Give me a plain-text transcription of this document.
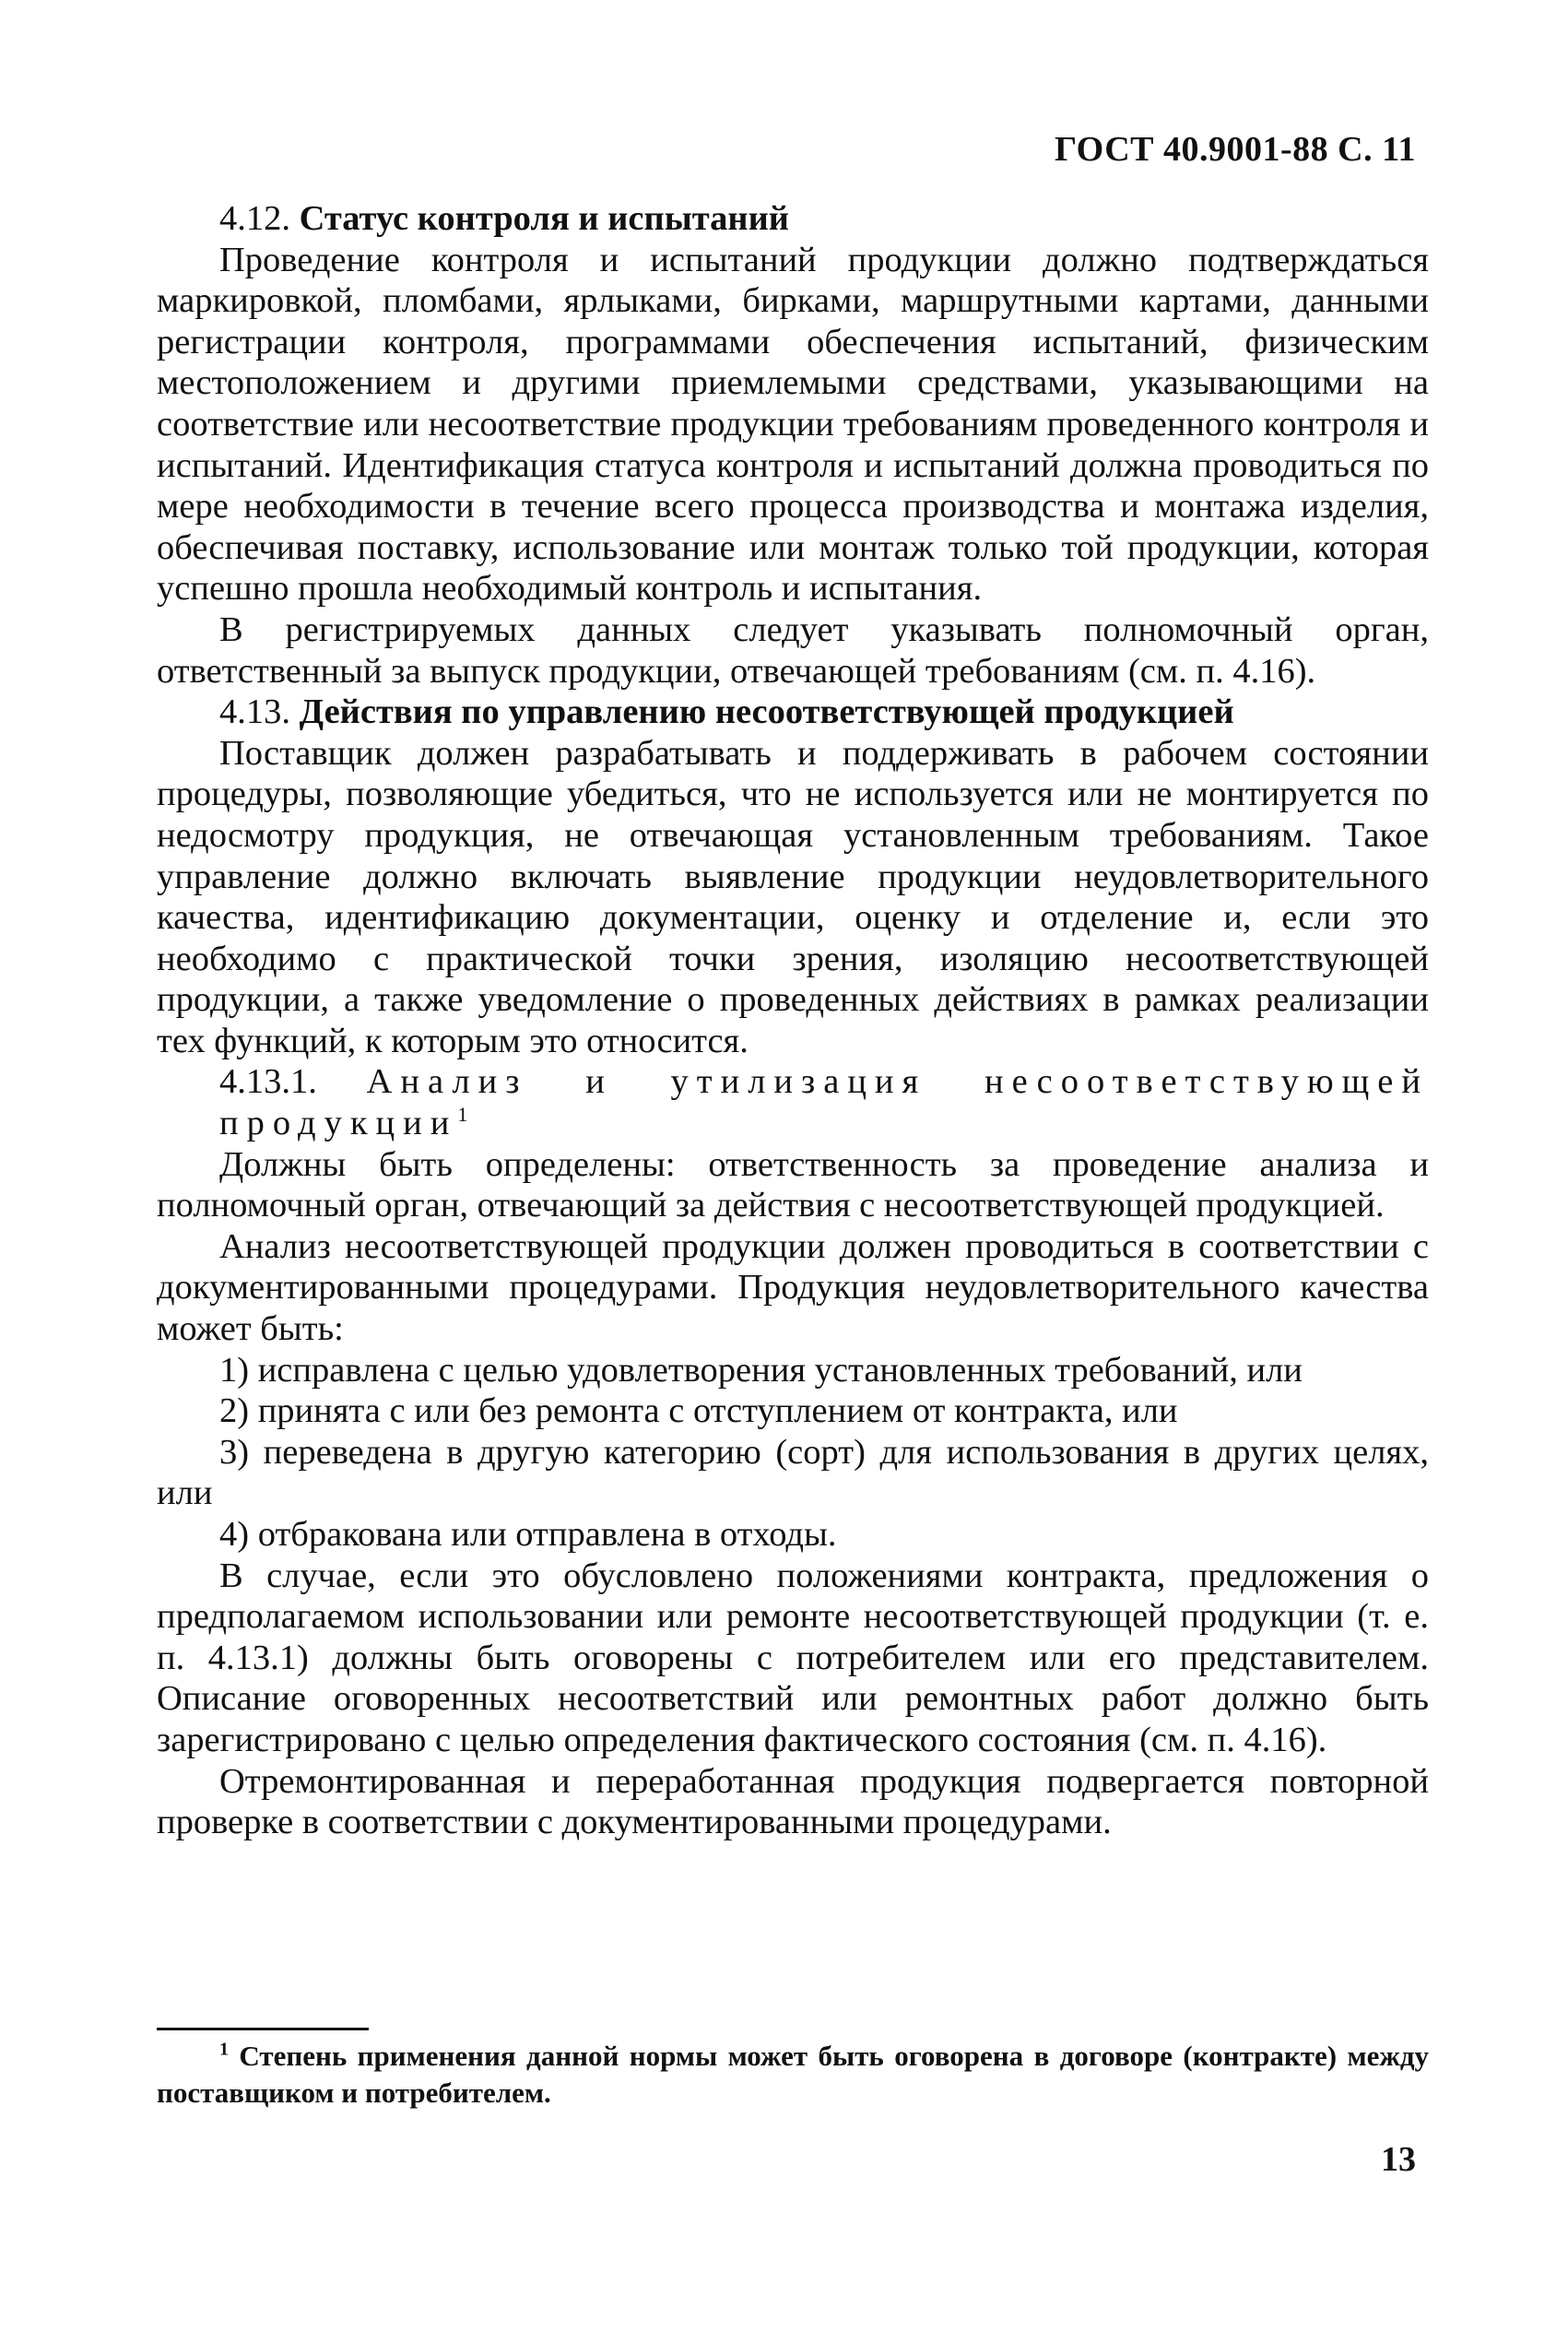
ГОСТ 40.9001-88 С. 11

4.12. Статус контроля и испытаний

Проведение контроля и испытаний продукции должно подтверждаться маркировкой, пломбами, ярлыками, бирками, маршрутными картами, данными регистрации контроля, программами обеспечения испытаний, физическим местоположением и другими приемлемыми средствами, указывающими на соответствие или несоответствие продукции требованиям проведенного контроля и испытаний. Идентификация статуса контроля и испытаний должна проводиться по мере необходимости в течение всего процесса производства и монтажа изделия, обеспечивая поставку, использование или монтаж только той продукции, которая успешно прошла необходимый контроль и испытания.

В регистрируемых данных следует указывать полномочный орган, ответственный за выпуск продукции, отвечающей требованиям (см. п. 4.16).

4.13. Действия по управлению несоответствующей продукцией

Поставщик должен разрабатывать и поддерживать в рабочем состоянии процедуры, позволяющие убедиться, что не используется или не монтируется по недосмотру продукция, не отвечающая установленным требованиям. Такое управление должно включать выявление продукции неудовлетворительного качества, идентификацию документации, оценку и отделение и, если это необходимо с практической точки зрения, изоляцию несоответствующей продукции, а также уведомление о проведенных действиях в рамках реализации тех функций, к которым это относится.

4.13.1. Анализ и утилизация несоответствующей

продукции$^1$

Должны быть определены: ответственность за проведение анализа и полномочный орган, отвечающий за действия с несоответствующей продукцией.

Анализ несоответствующей продукции должен проводиться в соответствии с документированными процедурами. Продукция неудовлетворительного качества может быть:

1) исправлена с целью удовлетворения установленных требований, или

2) принята с или без ремонта с отступлением от контракта, или

3) переведена в другую категорию (сорт) для использования в других целях, или

4) отбракована или отправлена в отходы.

В случае, если это обусловлено положениями контракта, предложения о предполагаемом использовании или ремонте несоответствующей продукции (т. е. п. 4.13.1) должны быть оговорены с потребителем или его представителем. Описание оговоренных несоответствий или ремонтных работ должно быть зарегистрировано с целью определения фактического состояния (см. п. 4.16).

Отремонтированная и переработанная продукция подвергается повторной проверке в соответствии с документированными процедурами.

$^1$ Степень применения данной нормы может быть оговорена в договоре (контракте) между поставщиком и потребителем.

13
